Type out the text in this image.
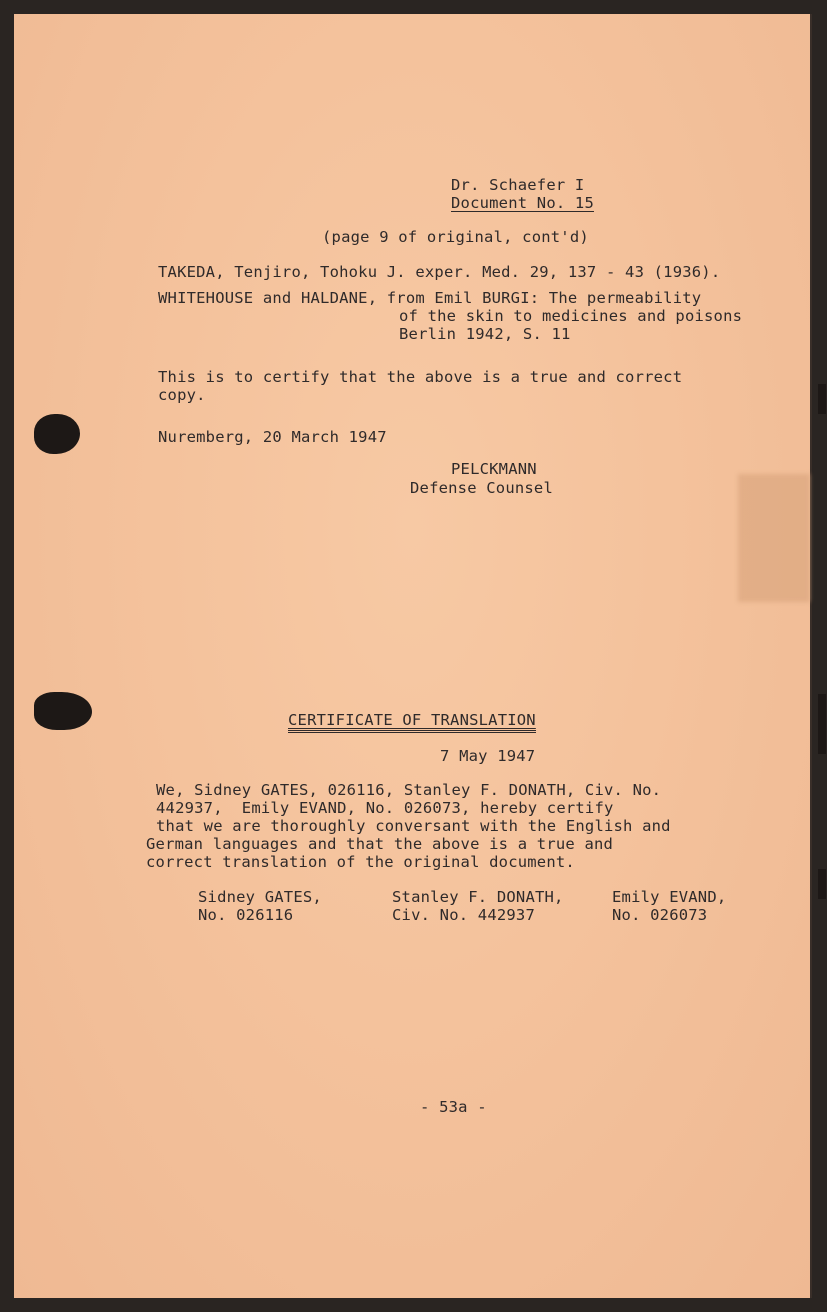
Dr. Schaefer I
Document No. 15
(page 9 of original, cont'd)
TAKEDA, Tenjiro, Tohoku J. exper. Med. 29, 137 - 43 (1936).
WHITEHOUSE and HALDANE, from Emil BURGI: The permeability
of the skin to medicines and poisons
Berlin 1942, S. 11
This is to certify that the above is a true and correct
copy.
Nuremberg, 20 March 1947
PELCKMANN
Defense Counsel
CERTIFICATE OF TRANSLATION
7 May 1947
We, Sidney GATES, 026116, Stanley F. DONATH, Civ. No.
442937,  Emily EVAND, No. 026073, hereby certify
that we are thoroughly conversant with the English and
German languages and that the above is a true and
correct translation of the original document.
Sidney GATES,
No. 026116
Stanley F. DONATH,
Civ. No. 442937
Emily EVAND,
No. 026073
- 53a -
